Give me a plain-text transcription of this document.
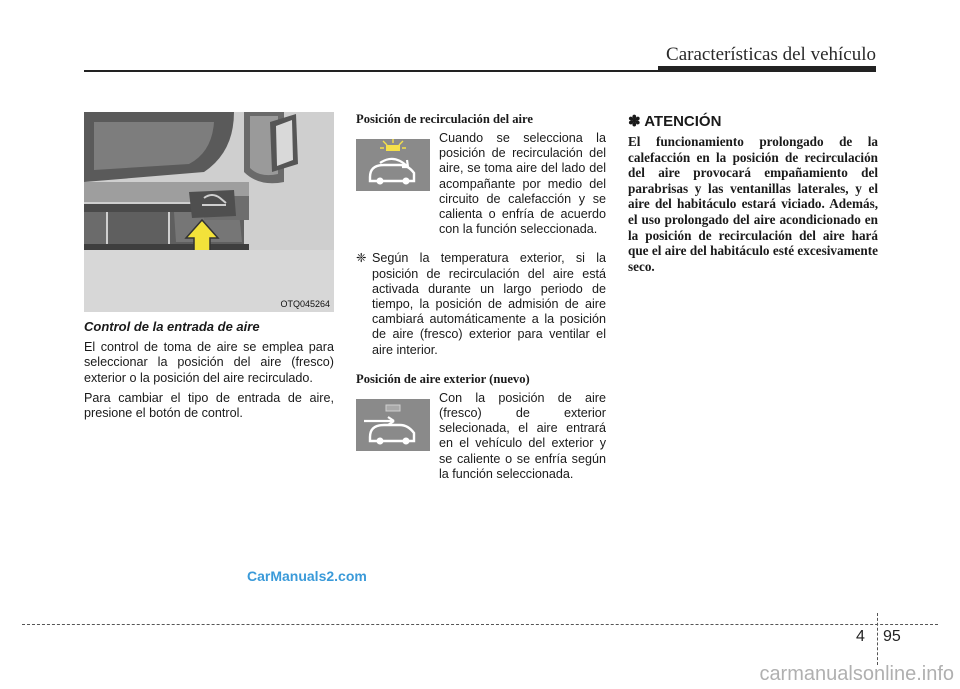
Características del vehículo
OTQ045264
Control de la entrada de aire

El control de toma de aire se emplea para seleccionar la posición del aire (fresco) exterior o la posición del aire recirculado.

Para cambiar el tipo de entrada de aire, presione el botón de control.

Posición de recirculación del aire
Cuando se selecciona la posición de recirculación del aire, se toma aire del lado del acompañante por medio del circuito de calefacción y se calienta o enfría de acuerdo con la función seleccionada.
❈ Según la temperatura exterior, si la posición de recirculación del aire está activada durante un largo periodo de tiempo, la posición de admisión de aire cambiará automáticamente a la posición de aire (fresco) exterior para ventilar el aire interior.
Posición de aire exterior (nuevo)
Con la posición de aire (fresco) de exterior selecionada, el aire entrará en el vehículo del exterior y se caliente o se enfría según la función seleccionada.
✽ ATENCIÓN

El funcionamiento prolongado de la calefacción en la posición de recirculación del aire provocará empañamiento del parabrisas y las ventanillas laterales, y el aire del habitáculo estará viciado. Además, el uso prolongado del aire acondicionado en la posición de recirculación del aire hará que el aire del habitáculo esté excesivamente seco.

CarManuals2.com
4 95
carmanualsonline.info
